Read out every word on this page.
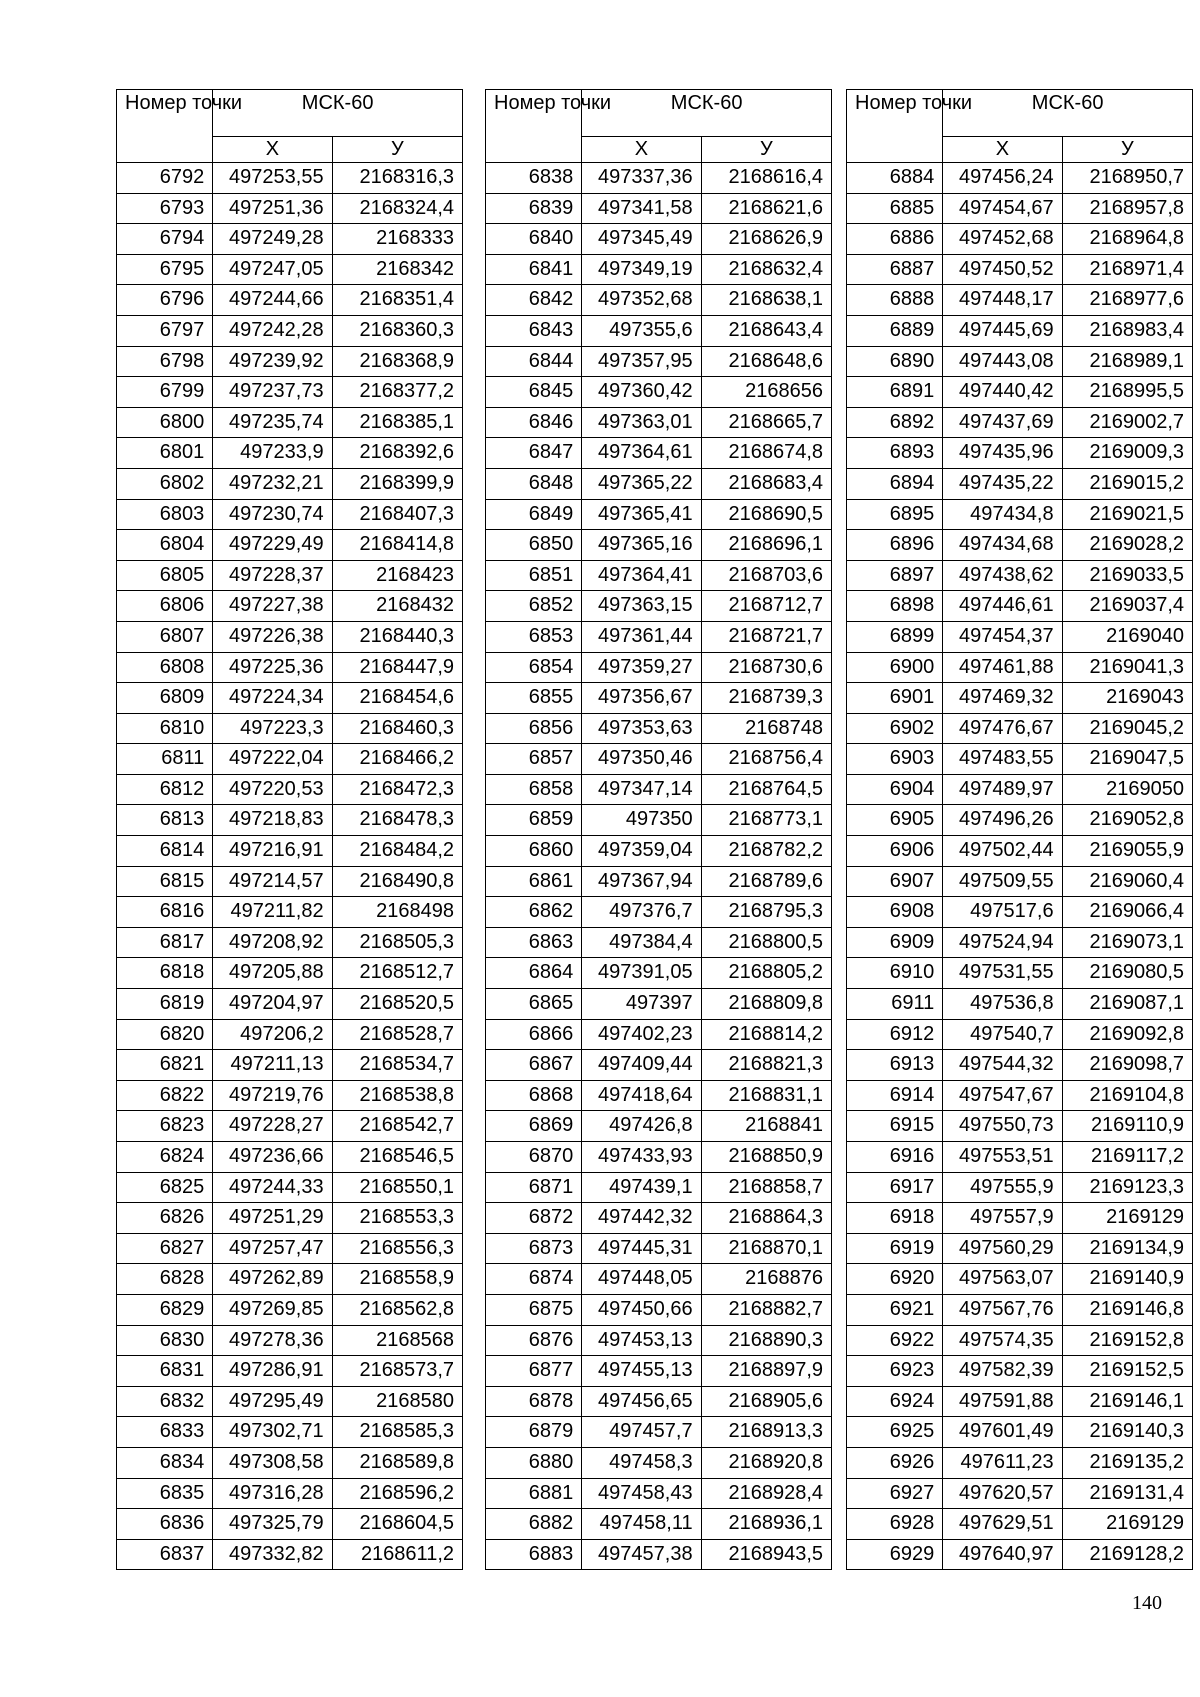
Номер точки	МСК-60	
	Х	У
6792	497253,55	2168316,3
6793	497251,36	2168324,4
6794	497249,28	2168333
6795	497247,05	2168342
6796	497244,66	2168351,4
6797	497242,28	2168360,3
6798	497239,92	2168368,9
6799	497237,73	2168377,2
6800	497235,74	2168385,1
6801	497233,9	2168392,6
6802	497232,21	2168399,9
6803	497230,74	2168407,3
6804	497229,49	2168414,8
6805	497228,37	2168423
6806	497227,38	2168432
6807	497226,38	2168440,3
6808	497225,36	2168447,9
6809	497224,34	2168454,6
6810	497223,3	2168460,3
6811	497222,04	2168466,2
6812	497220,53	2168472,3
6813	497218,83	2168478,3
6814	497216,91	2168484,2
6815	497214,57	2168490,8
6816	497211,82	2168498
6817	497208,92	2168505,3
6818	497205,88	2168512,7
6819	497204,97	2168520,5
6820	497206,2	2168528,7
6821	497211,13	2168534,7
6822	497219,76	2168538,8
6823	497228,27	2168542,7
6824	497236,66	2168546,5
6825	497244,33	2168550,1
6826	497251,29	2168553,3
6827	497257,47	2168556,3
6828	497262,89	2168558,9
6829	497269,85	2168562,8
6830	497278,36	2168568
6831	497286,91	2168573,7
6832	497295,49	2168580
6833	497302,71	2168585,3
6834	497308,58	2168589,8
6835	497316,28	2168596,2
6836	497325,79	2168604,5
6837	497332,82	2168611,2
Номер точки	МСК-60	
	Х	У
6838	497337,36	2168616,4
6839	497341,58	2168621,6
6840	497345,49	2168626,9
6841	497349,19	2168632,4
6842	497352,68	2168638,1
6843	497355,6	2168643,4
6844	497357,95	2168648,6
6845	497360,42	2168656
6846	497363,01	2168665,7
6847	497364,61	2168674,8
6848	497365,22	2168683,4
6849	497365,41	2168690,5
6850	497365,16	2168696,1
6851	497364,41	2168703,6
6852	497363,15	2168712,7
6853	497361,44	2168721,7
6854	497359,27	2168730,6
6855	497356,67	2168739,3
6856	497353,63	2168748
6857	497350,46	2168756,4
6858	497347,14	2168764,5
6859	497350	2168773,1
6860	497359,04	2168782,2
6861	497367,94	2168789,6
6862	497376,7	2168795,3
6863	497384,4	2168800,5
6864	497391,05	2168805,2
6865	497397	2168809,8
6866	497402,23	2168814,2
6867	497409,44	2168821,3
6868	497418,64	2168831,1
6869	497426,8	2168841
6870	497433,93	2168850,9
6871	497439,1	2168858,7
6872	497442,32	2168864,3
6873	497445,31	2168870,1
6874	497448,05	2168876
6875	497450,66	2168882,7
6876	497453,13	2168890,3
6877	497455,13	2168897,9
6878	497456,65	2168905,6
6879	497457,7	2168913,3
6880	497458,3	2168920,8
6881	497458,43	2168928,4
6882	497458,11	2168936,1
6883	497457,38	2168943,5
Номер точки	МСК-60	
	Х	У
6884	497456,24	2168950,7
6885	497454,67	2168957,8
6886	497452,68	2168964,8
6887	497450,52	2168971,4
6888	497448,17	2168977,6
6889	497445,69	2168983,4
6890	497443,08	2168989,1
6891	497440,42	2168995,5
6892	497437,69	2169002,7
6893	497435,96	2169009,3
6894	497435,22	2169015,2
6895	497434,8	2169021,5
6896	497434,68	2169028,2
6897	497438,62	2169033,5
6898	497446,61	2169037,4
6899	497454,37	2169040
6900	497461,88	2169041,3
6901	497469,32	2169043
6902	497476,67	2169045,2
6903	497483,55	2169047,5
6904	497489,97	2169050
6905	497496,26	2169052,8
6906	497502,44	2169055,9
6907	497509,55	2169060,4
6908	497517,6	2169066,4
6909	497524,94	2169073,1
6910	497531,55	2169080,5
6911	497536,8	2169087,1
6912	497540,7	2169092,8
6913	497544,32	2169098,7
6914	497547,67	2169104,8
6915	497550,73	2169110,9
6916	497553,51	2169117,2
6917	497555,9	2169123,3
6918	497557,9	2169129
6919	497560,29	2169134,9
6920	497563,07	2169140,9
6921	497567,76	2169146,8
6922	497574,35	2169152,8
6923	497582,39	2169152,5
6924	497591,88	2169146,1
6925	497601,49	2169140,3
6926	497611,23	2169135,2
6927	497620,57	2169131,4
6928	497629,51	2169129
6929	497640,97	2169128,2
140
